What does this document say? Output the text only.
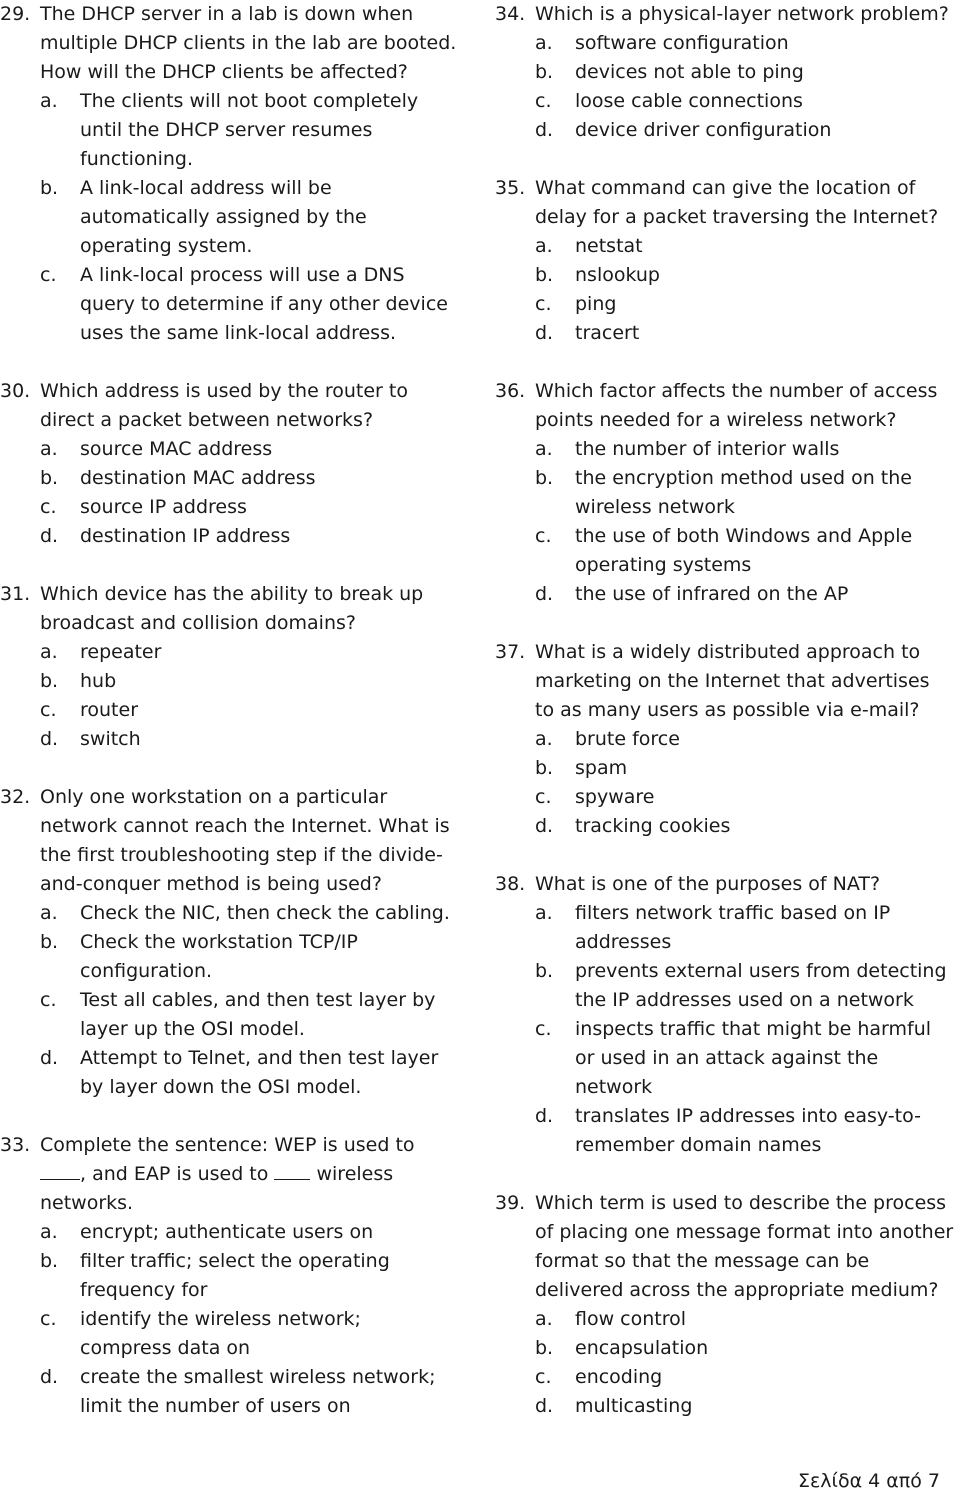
29. The DHCP server in a lab is down when
multiple DHCP clients in the lab are booted.
How will the DHCP clients be affected?
a. The clients will not boot completely
until the DHCP server resumes
functioning.
b. A link-local address will be
automatically assigned by the
operating system.
c. A link-local process will use a DNS
query to determine if any other device
uses the same link-local address.
30. Which address is used by the router to
direct a packet between networks?
a. source MAC address
b. destination MAC address
c. source IP address
d. destination IP address
31. Which device has the ability to break up
broadcast and collision domains?
a. repeater
b. hub
c. router
d. switch
32. Only one workstation on a particular
network cannot reach the Internet. What is
the first troubleshooting step if the divide-
and-conquer method is being used?
a. Check the NIC, then check the cabling.
b. Check the workstation TCP/IP
configuration.
c. Test all cables, and then test layer by
layer up the OSI model.
d. Attempt to Telnet, and then test layer
by layer down the OSI model.
33. Complete the sentence: WEP is used to
, and EAP is used to  wireless
networks.
a. encrypt; authenticate users on
b. filter traffic; select the operating
frequency for
c. identify the wireless network;
compress data on
d. create the smallest wireless network;
limit the number of users on
34. Which is a physical-layer network problem?
a. software configuration
b. devices not able to ping
c. loose cable connections
d. device driver configuration
35. What command can give the location of
delay for a packet traversing the Internet?
a. netstat
b. nslookup
c. ping
d. tracert
36. Which factor affects the number of access
points needed for a wireless network?
a. the number of interior walls
b. the encryption method used on the
wireless network
c. the use of both Windows and Apple
operating systems
d. the use of infrared on the AP
37. What is a widely distributed approach to
marketing on the Internet that advertises
to as many users as possible via e-mail?
a. brute force
b. spam
c. spyware
d. tracking cookies
38. What is one of the purposes of NAT?
a. filters network traffic based on IP
addresses
b. prevents external users from detecting
the IP addresses used on a network
c. inspects traffic that might be harmful
or used in an attack against the
network
d. translates IP addresses into easy-to-
remember domain names
39. Which term is used to describe the process
of placing one message format into another
format so that the message can be
delivered across the appropriate medium?
a. flow control
b. encapsulation
c. encoding
d. multicasting
Σελίδα 4 από 7
